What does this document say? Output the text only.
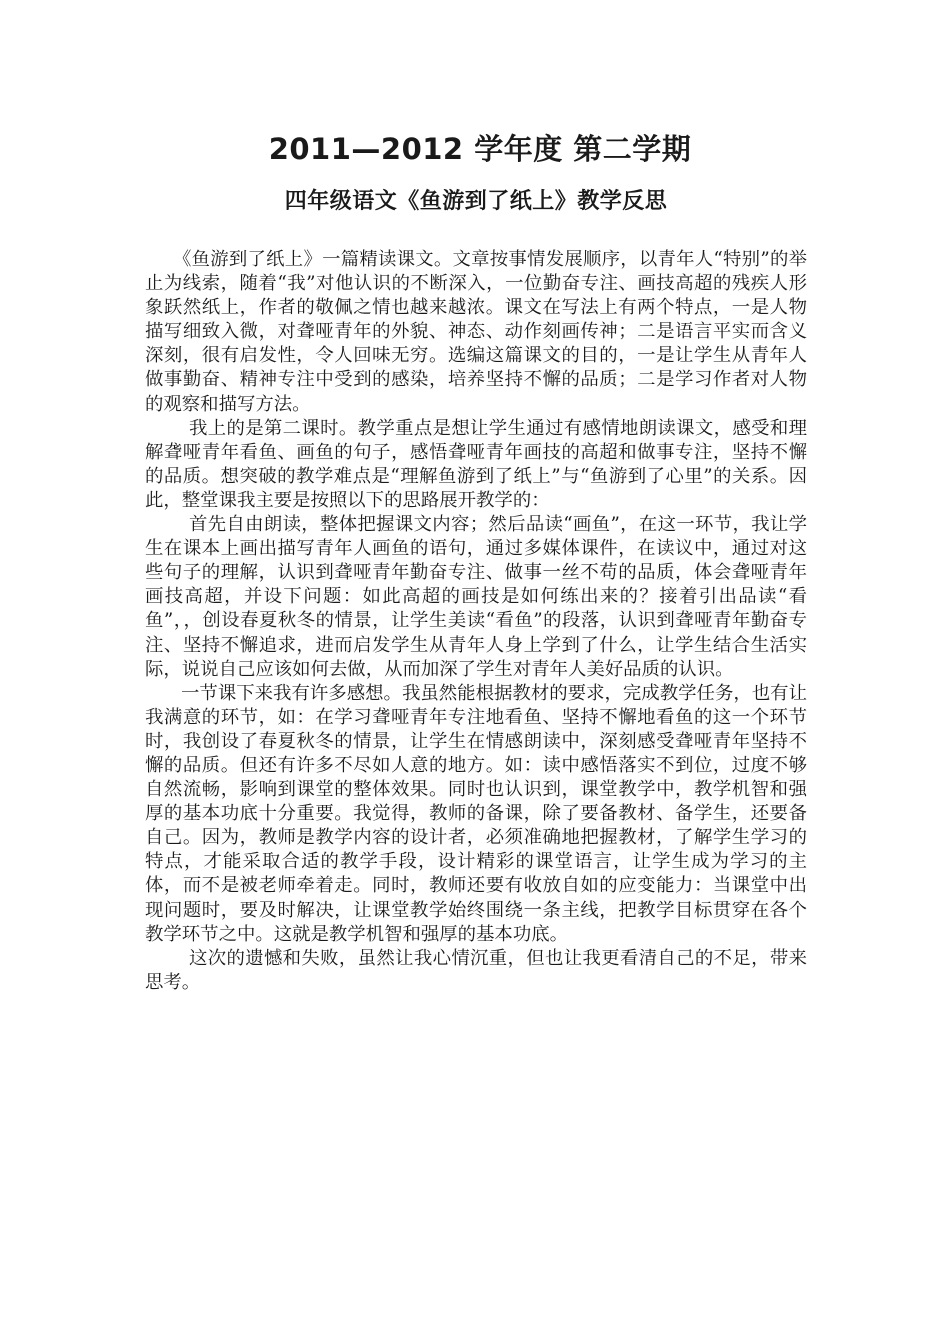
2011—2012 学年度 第二学期
四年级语文《鱼游到了纸上》教学反思

《鱼游到了纸上》一篇精读课文。文章按事情发展顺序，以青年人“特别”的举止为线索，随着“我”对他认识的不断深入，一位勤奋专注、画技高超的残疾人形象跃然纸上，作者的敬佩之情也越来越浓。课文在写法上有两个特点，一是人物描写细致入微，对聋哑青年的外貌、神态、动作刻画传神；二是语言平实而含义深刻，很有启发性，令人回味无穷。选编这篇课文的目的，一是让学生从青年人做事勤奋、精神专注中受到的感染，培养坚持不懈的品质；二是学习作者对人物的观察和描写方法。

我上的是第二课时。教学重点是想让学生通过有感情地朗读课文，感受和理解聋哑青年看鱼、画鱼的句子，感悟聋哑青年画技的高超和做事专注，坚持不懈的品质。想突破的教学难点是“理解鱼游到了纸上”与“鱼游到了心里”的关系。因此，整堂课我主要是按照以下的思路展开教学的：

首先自由朗读，整体把握课文内容；然后品读“画鱼”，在这一环节，我让学生在课本上画出描写青年人画鱼的语句，通过多媒体课件，在读议中，通过对这些句子的理解，认识到聋哑青年勤奋专注、做事一丝不苟的品质，体会聋哑青年画技高超，并设下问题：如此高超的画技是如何练出来的？接着引出品读“看鱼”，，创设春夏秋冬的情景，让学生美读“看鱼”的段落，认识到聋哑青年勤奋专注、坚持不懈追求，进而启发学生从青年人身上学到了什么，让学生结合生活实际，说说自己应该如何去做，从而加深了学生对青年人美好品质的认识。

一节课下来我有许多感想。我虽然能根据教材的要求，完成教学任务，也有让我满意的环节，如：在学习聋哑青年专注地看鱼、坚持不懈地看鱼的这一个环节时，我创设了春夏秋冬的情景，让学生在情感朗读中，深刻感受聋哑青年坚持不懈的品质。但还有许多不尽如人意的地方。如：读中感悟落实不到位，过度不够自然流畅，影响到课堂的整体效果。同时也认识到，课堂教学中，教学机智和强厚的基本功底十分重要。我觉得，教师的备课，除了要备教材、备学生，还要备自己。因为，教师是教学内容的设计者，必须准确地把握教材，了解学生学习的特点，才能采取合适的教学手段，设计精彩的课堂语言，让学生成为学习的主体，而不是被老师牵着走。同时，教师还要有收放自如的应变能力：当课堂中出现问题时，要及时解决，让课堂教学始终围绕一条主线，把教学目标贯穿在各个教学环节之中。这就是教学机智和强厚的基本功底。

这次的遗憾和失败，虽然让我心情沉重，但也让我更看清自己的不足，带来思考。
